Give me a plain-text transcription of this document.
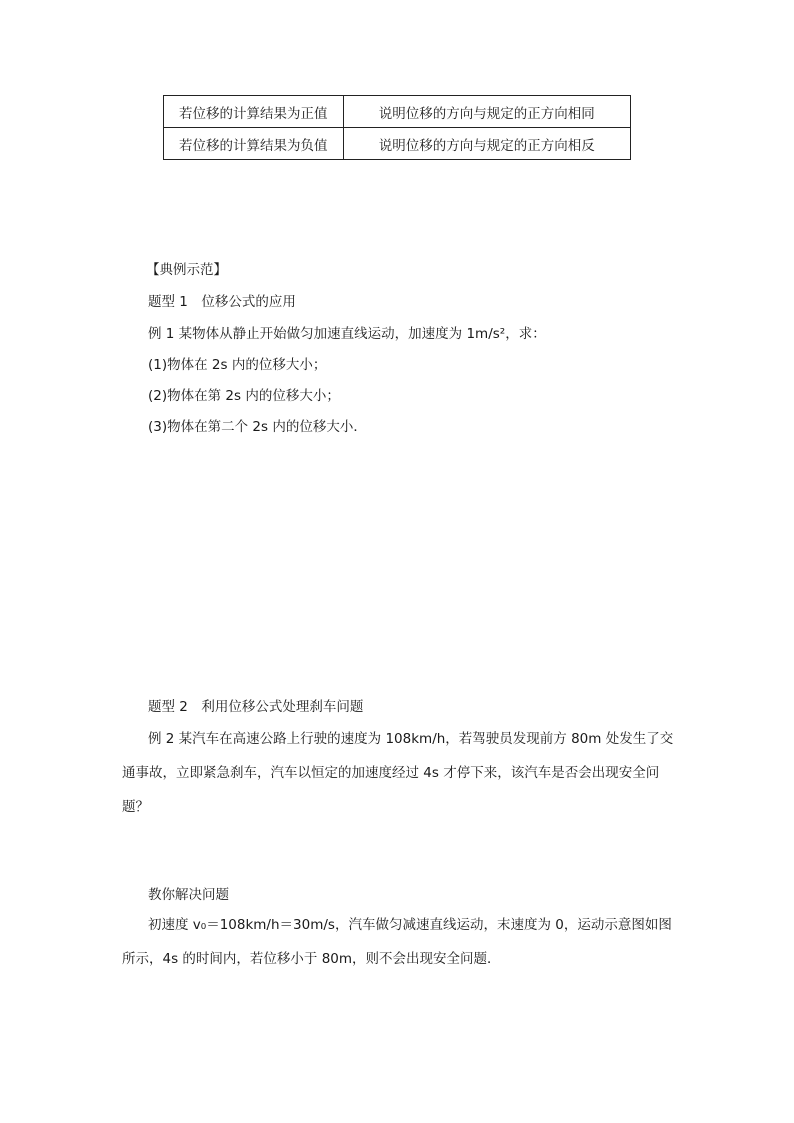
若位移的计算结果为正值	说明位移的方向与规定的正方向相同
若位移的计算结果为负值	说明位移的方向与规定的正方向相反
【典例示范】
题型 1　位移公式的应用
例 1 某物体从静止开始做匀加速直线运动，加速度为 1m/s²，求：
(1)物体在 2s 内的位移大小；
(2)物体在第 2s 内的位移大小；
(3)物体在第二个 2s 内的位移大小．
题型 2　利用位移公式处理刹车问题
例 2 某汽车在高速公路上行驶的速度为 108km/h，若驾驶员发现前方 80m 处发生了交通事故，立即紧急刹车，汽车以恒定的加速度经过 4s 才停下来，该汽车是否会出现安全问题？
教你解决问题
初速度 v₀＝108km/h＝30m/s，汽车做匀减速直线运动，末速度为 0，运动示意图如图所示，4s 的时间内，若位移小于 80m，则不会出现安全问题．
